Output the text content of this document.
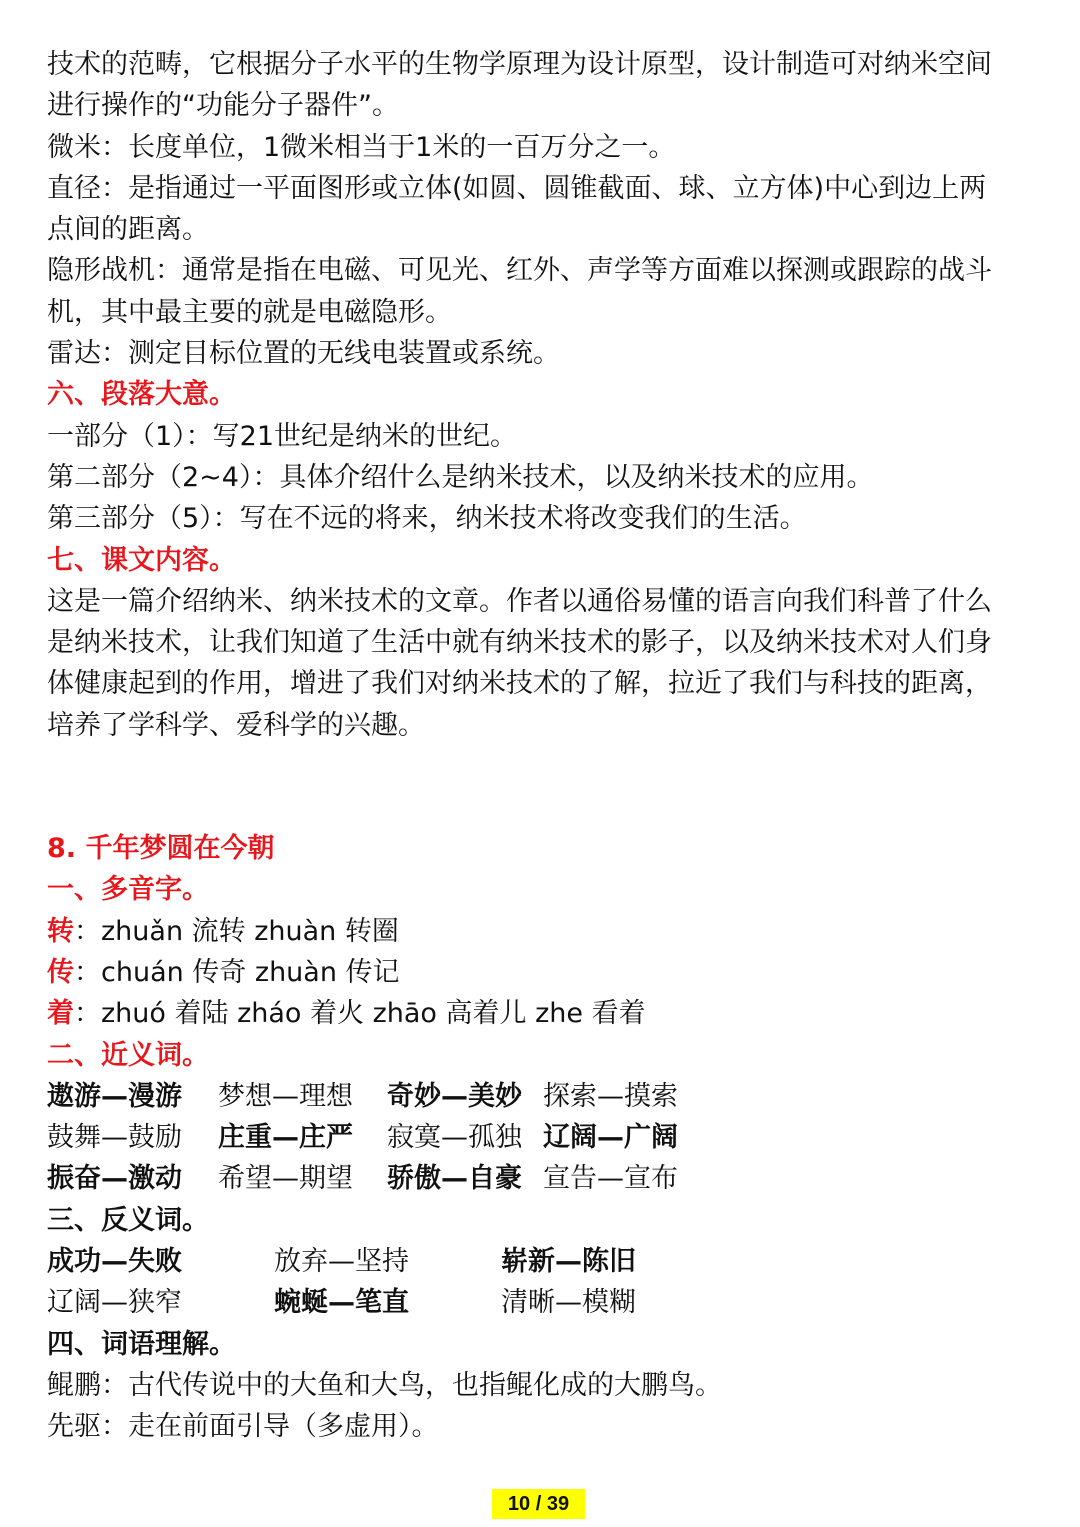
技术的范畴，它根据分子水平的生物学原理为设计原型，设计制造可对纳米空间
进行操作的“功能分子器件”。
微米：长度单位，1微米相当于1米的一百万分之一。
直径：是指通过一平面图形或立体(如圆、圆锥截面、球、立方体)中心到边上两
点间的距离。
隐形战机：通常是指在电磁、可见光、红外、声学等方面难以探测或跟踪的战斗
机，其中最主要的就是电磁隐形。
雷达：测定目标位置的无线电装置或系统。
六、段落大意。
一部分（1）：写21世纪是纳米的世纪。
第二部分（2~4）：具体介绍什么是纳米技术，以及纳米技术的应用。
第三部分（5）：写在不远的将来，纳米技术将改变我们的生活。
七、课文内容。
这是一篇介绍纳米、纳米技术的文章。作者以通俗易懂的语言向我们科普了什么
是纳米技术，让我们知道了生活中就有纳米技术的影子，以及纳米技术对人们身
体健康起到的作用，增进了我们对纳米技术的了解，拉近了我们与科技的距离，
培养了学科学、爱科学的兴趣。
8. 千年梦圆在今朝
一、多音字。
转：zhuǎn 流转 zhuàn 转圈
传：chuán 传奇 zhuàn 传记
着：zhuó 着陆 zháo 着火 zhāo 高着儿 zhe 看着
二、近义词。
遨游—漫游 梦想—理想 奇妙—美妙 探索—摸索
鼓舞—鼓励 庄重—庄严 寂寞—孤独 辽阔—广阔
振奋—激动 希望—期望 骄傲—自豪 宣告—宣布
三、反义词。
成功—失败	放弃—坚持	崭新—陈旧
辽阔—狭窄	蜿蜒—笔直	清晰—模糊
四、词语理解。
鲲鹏：古代传说中的大鱼和大鸟，也指鲲化成的大鹏鸟。
先驱：走在前面引导（多虚用）。
10 / 39
